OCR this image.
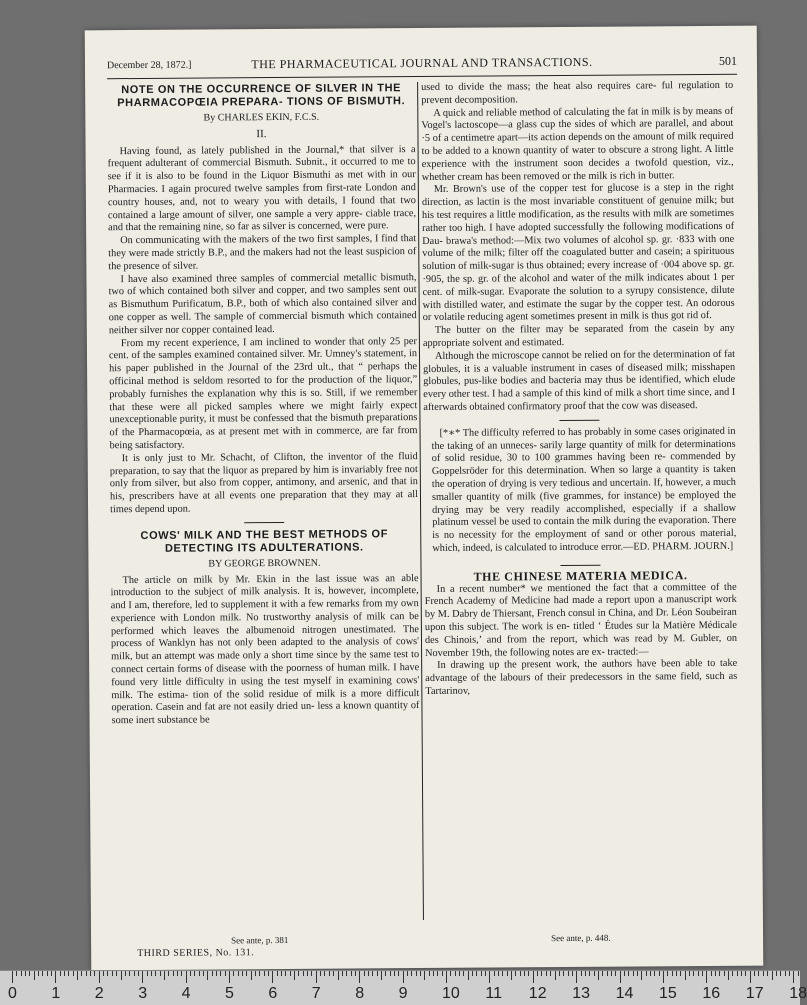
December 28, 1872.]	THE PHARMACEUTICAL JOURNAL AND TRANSACTIONS.	501
NOTE ON THE OCCURRENCE OF SILVER IN THE PHARMACOPŒIA PREPARA- TIONS OF BISMUTH.
By CHARLES EKIN, F.C.S.
II.

Having found, as lately published in the Journal,* that silver is a frequent adulterant of commercial Bismuth. Subnit., it occurred to me to see if it is also to be found in the Liquor Bismuthi as met with in our Pharmacies. I again procured twelve samples from first-rate London and country houses, and, not to weary you with details, I found that two contained a large amount of silver, one sample a very appre- ciable trace, and that the remaining nine, so far as silver is concerned, were pure.

On communicating with the makers of the two first samples, I find that they were made strictly B.P., and the makers had not the least suspicion of the presence of silver.

I have also examined three samples of commercial metallic bismuth, two of which contained both silver and copper, and two samples sent out as Bismuthum Purificatum, B.P., both of which also contained silver and one copper as well. The sample of commercial bismuth which contained neither silver nor copper contained lead.

From my recent experience, I am inclined to wonder that only 25 per cent. of the samples examined contained silver. Mr. Umney's statement, in his paper published in the Journal of the 23rd ult., that “ perhaps the officinal method is seldom resorted to for the production of the liquor,” probably furnishes the explanation why this is so. Still, if we remember that these were all picked samples where we might fairly expect unexceptionable purity, it must be confessed that the bismuth preparations of the Pharmacopœia, as at present met with in commerce, are far from being satisfactory.

It is only just to Mr. Schacht, of Clifton, the inventor of the fluid preparation, to say that the liquor as prepared by him is invariably free not only from silver, but also from copper, antimony, and arsenic, and that in his, prescribers have at all events one preparation that they may at all times depend upon.

COWS' MILK AND THE BEST METHODS OF DETECTING ITS ADULTERATIONS.
BY GEORGE BROWNEN.

The article on milk by Mr. Ekin in the last issue was an able introduction to the subject of milk analysis. It is, however, incomplete, and I am, therefore, led to supplement it with a few remarks from my own experience with London milk. No trustworthy analysis of milk can be performed which leaves the albumenoid nitrogen unestimated. The process of Wanklyn has not only been adapted to the analysis of cows' milk, but an attempt was made only a short time since by the same test to connect certain forms of disease with the poorness of human milk. I have found very little difficulty in using the test myself in examining cows' milk. The estima- tion of the solid residue of milk is a more difficult operation. Casein and fat are not easily dried un- less a known quantity of some inert substance be

used to divide the mass; the heat also requires care- ful regulation to prevent decomposition.

A quick and reliable method of calculating the fat in milk is by means of Vogel's lactoscope—a glass cup the sides of which are parallel, and about ·5 of a centimetre apart—its action depends on the amount of milk required to be added to a known quantity of water to obscure a strong light. A little experience with the instrument soon decides a twofold question, viz., whether cream has been removed or the milk is rich in butter.

Mr. Brown's use of the copper test for glucose is a step in the right direction, as lactin is the most invariable constituent of genuine milk; but his test requires a little modification, as the results with milk are sometimes rather too high. I have adopted successfully the following modifications of Dau- brawa's method:—Mix two volumes of alcohol sp. gr. ·833 with one volume of the milk; filter off the coagulated butter and casein; a spirituous solution of milk-sugar is thus obtained; every increase of ·004 above sp. gr. ·905, the sp. gr. of the alcohol and water of the milk indicates about 1 per cent. of milk-sugar. Evaporate the solution to a syrupy consistence, dilute with distilled water, and estimate the sugar by the copper test. An odorous or volatile reducing agent sometimes present in milk is thus got rid of.

The butter on the filter may be separated from the casein by any appropriate solvent and estimated.

Although the microscope cannot be relied on for the determination of fat globules, it is a valuable instrument in cases of diseased milk; misshapen globules, pus-like bodies and bacteria may thus be identified, which elude every other test. I had a sample of this kind of milk a short time since, and I afterwards obtained confirmatory proof that the cow was diseased.

[*∗* The difficulty referred to has probably in some cases originated in the taking of an unneces- sarily large quantity of milk for determinations of solid residue, 30 to 100 grammes having been re- commended by Goppelsröder for this determination. When so large a quantity is taken the operation of drying is very tedious and uncertain. If, however, a much smaller quantity of milk (five grammes, for instance) be employed the drying may be very readily accomplished, especially if a shallow platinum vessel be used to contain the milk during the evaporation. There is no necessity for the employment of sand or other porous material, which, indeed, is calculated to introduce error.—ED. PHARM. JOURN.]

THE CHINESE MATERIA MEDICA.

In a recent number* we mentioned the fact that a committee of the French Academy of Medicine had made a report upon a manuscript work by M. Dabry de Thiersant, French consul in China, and Dr. Léon Soubeiran upon this subject. The work is en- titled ‘ Études sur la Matière Médicale des Chinois,’ and from the report, which was read by M. Gubler, on November 19th, the following notes are ex- tracted:—

In drawing up the present work, the authors have been able to take advantage of the labours of their predecessors in the same field, such as Tartarinov,

See ante, p. 381	See ante, p. 448.
THIRD SERIES, No. 131.
0 1 2 3 4 5 6 7 8 9 10 11 12 13 14 15 16 17 18
